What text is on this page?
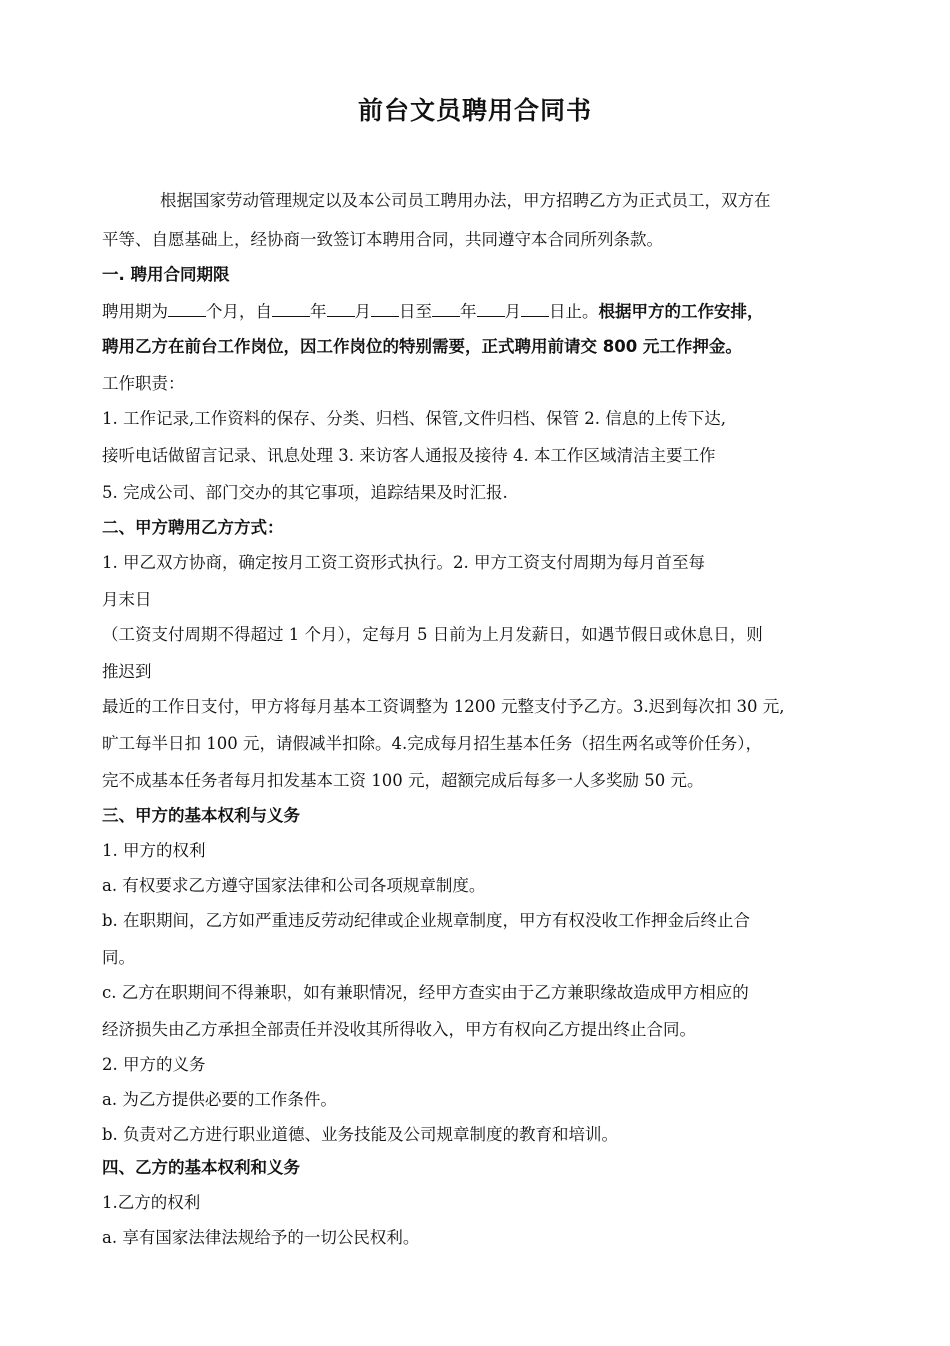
前台文员聘用合同书
根据国家劳动管理规定以及本公司员工聘用办法，甲方招聘乙方为正式员工，双方在
平等、自愿基础上，经协商一致签订本聘用合同，共同遵守本合同所列条款。
一. 聘用合同期限
聘用期为 个月，自 年 月 日至 年 月 日止。根据甲方的工作安排，
聘用乙方在前台工作岗位，因工作岗位的特别需要，正式聘用前请交 800 元工作押金。
工作职责：
1. 工作记录,工作资料的保存、分类、归档、保管,文件归档、保管 2. 信息的上传下达,
接听电话做留言记录、讯息处理 3. 来访客人通报及接待 4. 本工作区域清洁主要工作
5. 完成公司、部门交办的其它事项，追踪结果及时汇报.
二、甲方聘用乙方方式：
1. 甲乙双方协商，确定按月工资工资形式执行。2. 甲方工资支付周期为每月首至每
月末日
（工资支付周期不得超过 1 个月），定每月 5 日前为上月发薪日，如遇节假日或休息日，则
推迟到
最近的工作日支付，甲方将每月基本工资调整为 1200 元整支付予乙方。3.迟到每次扣 30 元,
旷工每半日扣 100 元，请假减半扣除。4.完成每月招生基本任务（招生两名或等价任务），
完不成基本任务者每月扣发基本工资 100 元，超额完成后每多一人多奖励 50 元。
三、甲方的基本权利与义务
1. 甲方的权利
a. 有权要求乙方遵守国家法律和公司各项规章制度。
b. 在职期间，乙方如严重违反劳动纪律或企业规章制度，甲方有权没收工作押金后终止合
同。
c. 乙方在职期间不得兼职，如有兼职情况，经甲方查实由于乙方兼职缘故造成甲方相应的
经济损失由乙方承担全部责任并没收其所得收入，甲方有权向乙方提出终止合同。
2. 甲方的义务
a. 为乙方提供必要的工作条件。
b. 负责对乙方进行职业道德、业务技能及公司规章制度的教育和培训。
四、乙方的基本权利和义务
1.乙方的权利
a. 享有国家法律法规给予的一切公民权利。
